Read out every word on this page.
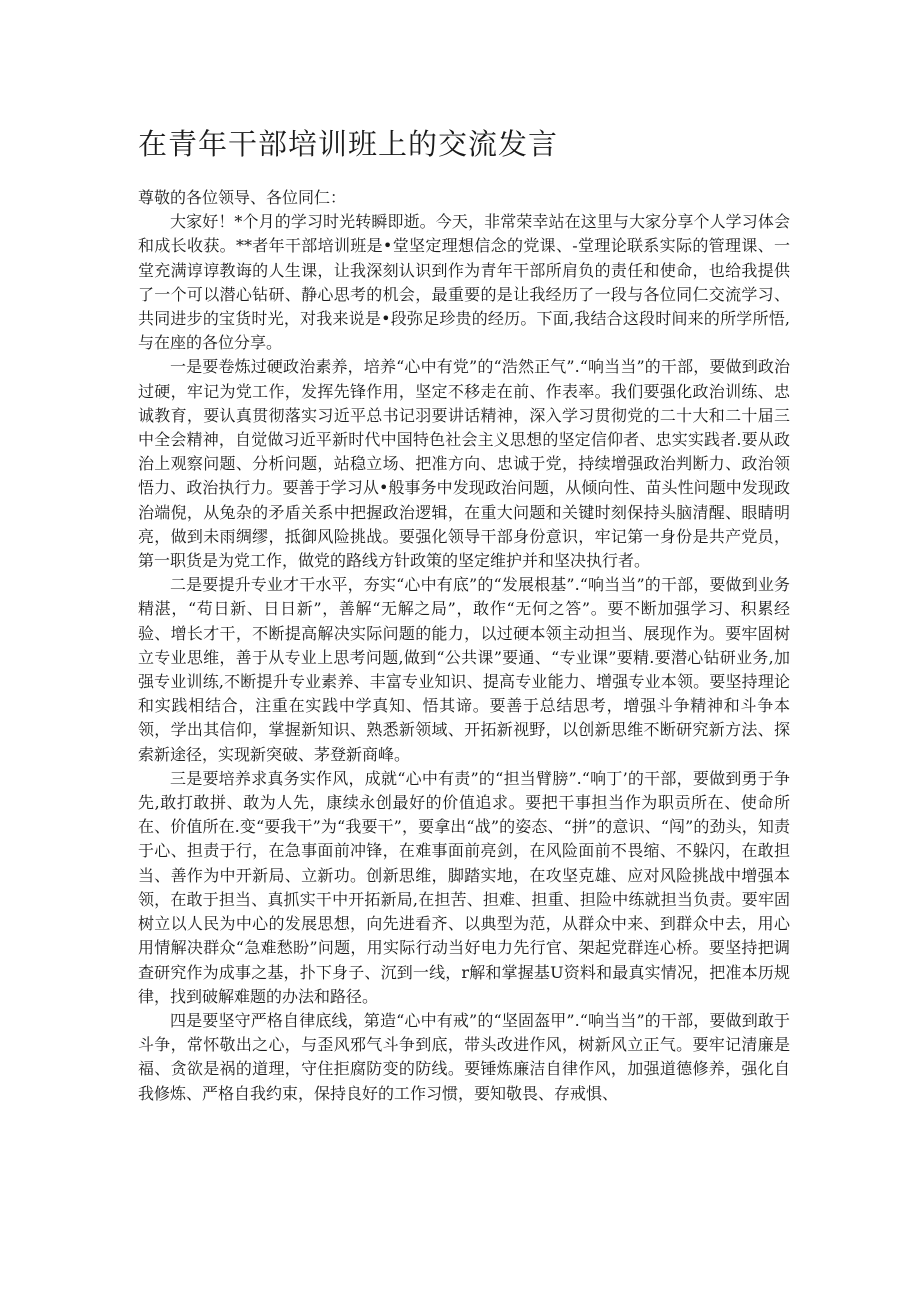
在青年干部培训班上的交流发言

尊敬的各位领导、各位同仁：

大家好！*个月的学习时光转瞬即逝。今天，非常荣幸站在这里与大家分享个人学习体会和成长收获。**者年干部培训班是•堂坚定理想信念的党课、-堂理论联系实际的管理课、一堂充满谆谆教诲的人生课，让我深刻认识到作为青年干部所肩负的责任和使命，也给我提供了一个可以潜心钻研、静心思考的机会，最重要的是让我经历了一段与各位同仁交流学习、共同进步的宝货时光，对我来说是•段弥足珍贵的经历。下面,我结合这段时间来的所学所悟,与在座的各位分享。

一是要卷炼过硬政治素养，培养“心中有党”的“浩然正气”.“响当当”的干部，要做到政治过硬，牢记为党工作，发挥先锋作用，坚定不移走在前、作表率。我们要强化政治训练、忠诚教育，要认真贯彻落实习近平总书记羽要讲话精神，深入学习贯彻党的二十大和二十届三中全会精神，自觉做习近平新时代中国特色社会主义思想的坚定信仰者、忠实实践者.要从政治上观察问题、分析问题，站稳立场、把准方向、忠诚于党，持续增强政治判断力、政治领悟力、政治执行力。要善于学习从•般事务中发现政治问题，从倾向性、苗头性问题中发现政治端倪，从兔杂的矛盾关系中把握政治逻辑，在重大问题和关键时刻保持头脑清醒、眼睛明亮，做到未雨绸缪，抵御风险挑战。要强化领导干部身份意识，牢记第一身份是共产党员，第一职货是为党工作，做党的路线方针政策的坚定维护并和坚决执行者。

二是要提升专业才干水平，夯实“心中有底”的“发展根基”.“响当当”的干部，要做到业务精湛，“苟日新、日日新”，善解“无解之局”，敢作“无何之答”。要不断加强学习、积累经验、增长才干，不断提高解决实际问题的能力，以过硬本领主动担当、展现作为。要牢固树立专业思维，善于从专业上思考问题,做到“公共课”要通、“专业课”要精.要潜心钻研业务,加强专业训练,不断提升专业素养、丰富专业知识、提高专业能力、增强专业本领。要坚持理论和实践相结合，注重在实践中学真知、悟其谛。要善于总结思考，增强斗争精神和斗争本领，学出其信仰，掌握新知识、熟悉新领域、开拓新视野，以创新思维不断研究新方法、探索新途径，实现新突破、茅登新商峰。

三是要培养求真务实作风，成就“心中有责”的“担当臂膀”.“响丁’的干部，要做到勇于争先,敢打敢拼、敢为人先，康续永创最好的价值追求。要把干事担当作为职贡所在、使命所在、价值所在.变“要我干”为“我要干”，要拿出“战”的姿态、“拼”的意识、“闯”的劲头，知责于心、担责于行，在急事面前冲锋，在难事面前亮剑，在风险面前不畏缩、不躲闪，在敢担当、善作为中开新局、立新功。创新思维，脚踏实地，在攻坚克雄、应对风险挑战中增强本领，在敢于担当、真抓实干中开拓新局,在担苦、担难、担重、担险中练就担当负责。要牢固树立以人民为中心的发展思想，向先进看齐、以典型为范，从群众中来、到群众中去，用心用情解决群众“急难愁盼”问题，用实际行动当好电力先行官、架起党群连心桥。要坚持把调查研究作为成事之基，扑下身子、沉到一线，r解和掌握基U资料和最真实情况，把准本历规律，找到破解难题的办法和路径。

四是要坚守严格自律底线，第造“心中有戒”的“坚固盔甲”.“响当当”的干部，要做到敢于斗争，常怀敬出之心，与歪风邪气斗争到底，带头改进作风，树新风立正气。要牢记清廉是福、贪欲是祸的道理，守住拒腐防变的防线。要锤炼廉洁自律作风，加强道德修养，强化自我修炼、严格自我约束，保持良好的工作习惯，要知敬畏、存戒惧、
